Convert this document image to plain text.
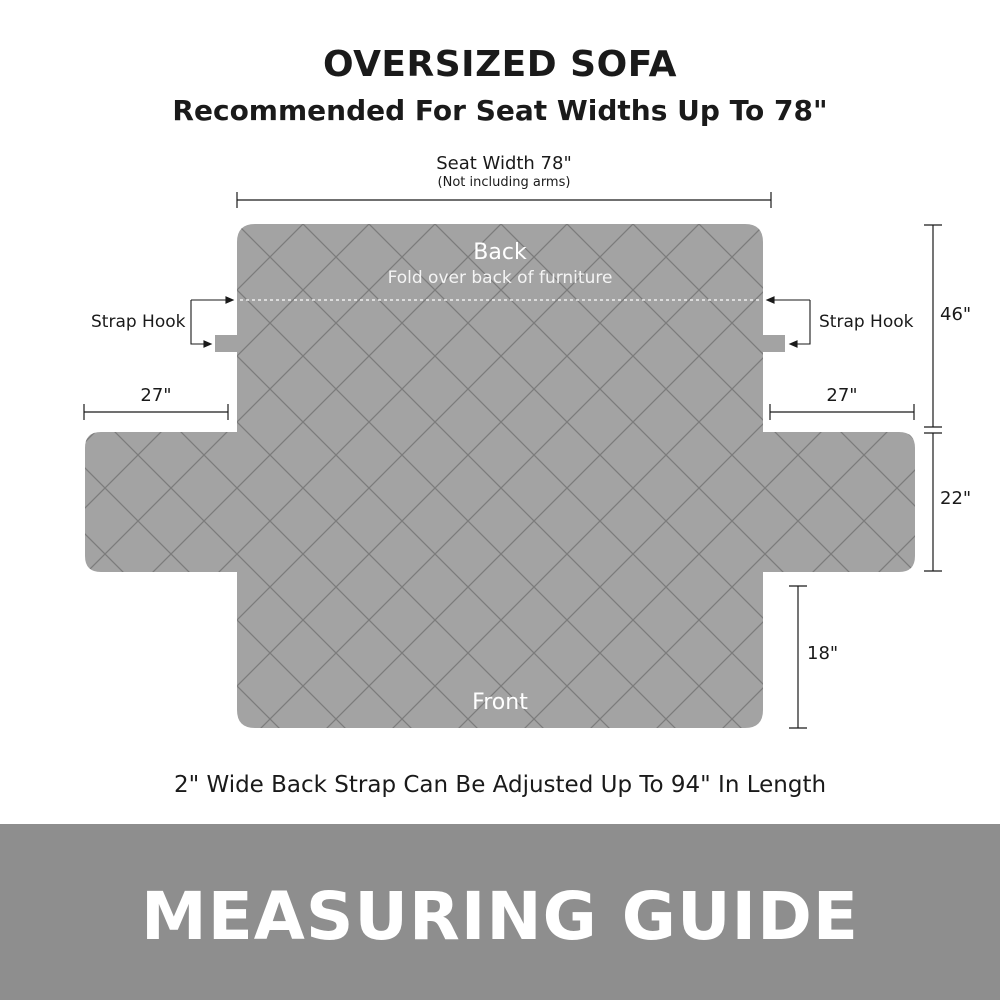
OVERSIZED SOFA
Recommended For Seat Widths Up To 78"
Seat Width 78"
(Not including arms)
Back
Fold over back of furniture
Front
Strap Hook	Strap Hook
27"	27"
46"
22"
18"
2" Wide Back Strap Can Be Adjusted Up To 94" In Length
MEASURING GUIDE
